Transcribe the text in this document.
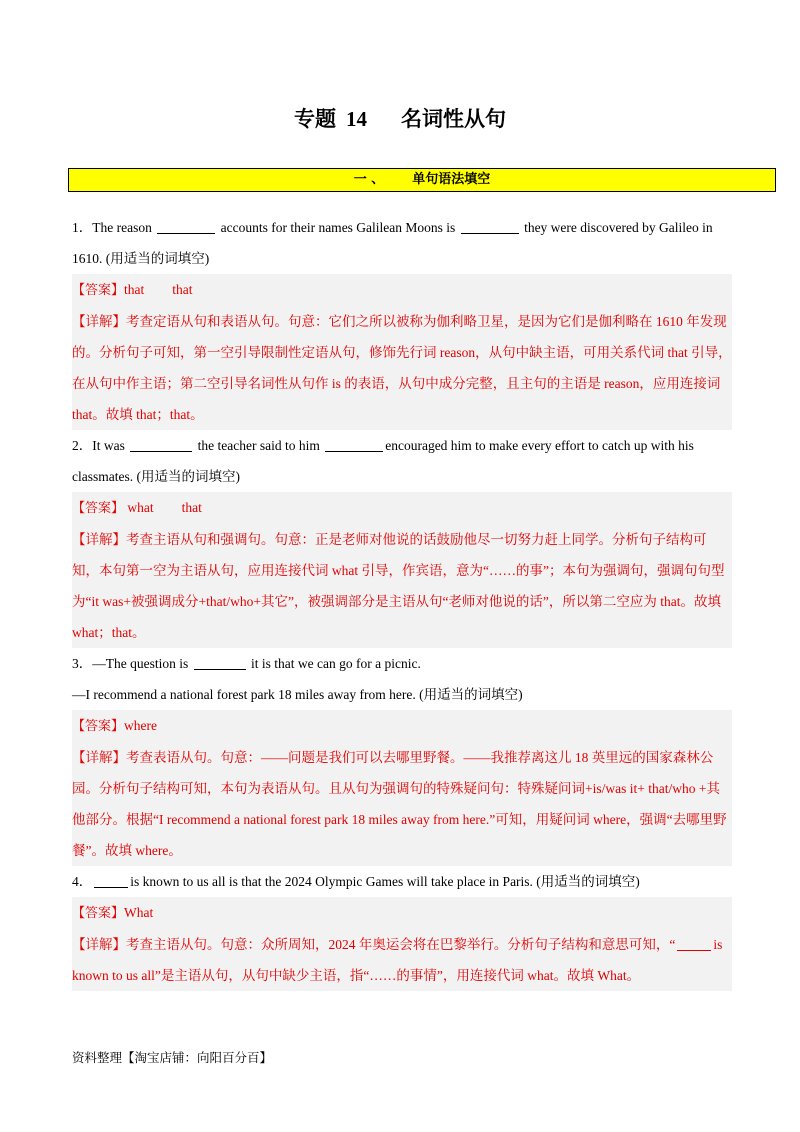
专题 14 名词性从句
一 、 单句语法填空
1．The reason	accounts for their names Galilean Moons is	they were discovered by Galileo in 1610. (用适当的词填空)
【答案】that that
【详解】考查定语从句和表语从句。句意：它们之所以被称为伽利略卫星，是因为它们是伽利略在 1610 年发现的。分析句子可知，第一空引导限制性定语从句，修饰先行词 reason，从句中缺主语，可用关系代词 that 引导，在从句中作主语；第二空引导名词性从句作 is 的表语，从句中成分完整，且主句的主语是 reason，应用连接词 that。故填 that；that。
2．It was	the teacher said to him	encouraged him to make every effort to catch up with his classmates. (用适当的词填空)
【答案】 what that
【详解】考查主语从句和强调句。句意：正是老师对他说的话鼓励他尽一切努力赶上同学。分析句子结构可知，本句第一空为主语从句，应用连接代词 what 引导，作宾语，意为“……的事”；本句为强调句，强调句句型为“it was+被强调成分+that/who+其它”，被强调部分是主语从句“老师对他说的话”，所以第二空应为 that。故填 what；that。
3．—The question is	it is that we can go for a picnic.
—I recommend a national forest park 18 miles away from here. (用适当的词填空)
【答案】where
【详解】考查表语从句。句意：——问题是我们可以去哪里野餐。——我推荐离这儿 18 英里远的国家森林公园。分析句子结构可知，本句为表语从句。且从句为强调句的特殊疑问句：特殊疑问词+is/was it+ that/who +其他部分。根据“I recommend a national forest park 18 miles away from here.”可知，用疑问词 where，强调“去哪里野餐”。故填 where。
4．	is known to us all is that the 2024 Olympic Games will take place in Paris. (用适当的词填空)
【答案】What
【详解】考查主语从句。句意：众所周知，2024 年奥运会将在巴黎举行。分析句子结构和意思可知，“	is known to us all”是主语从句，从句中缺少主语，指“……的事情”，用连接代词 what。故填 What。
资料整理【淘宝店铺：向阳百分百】
